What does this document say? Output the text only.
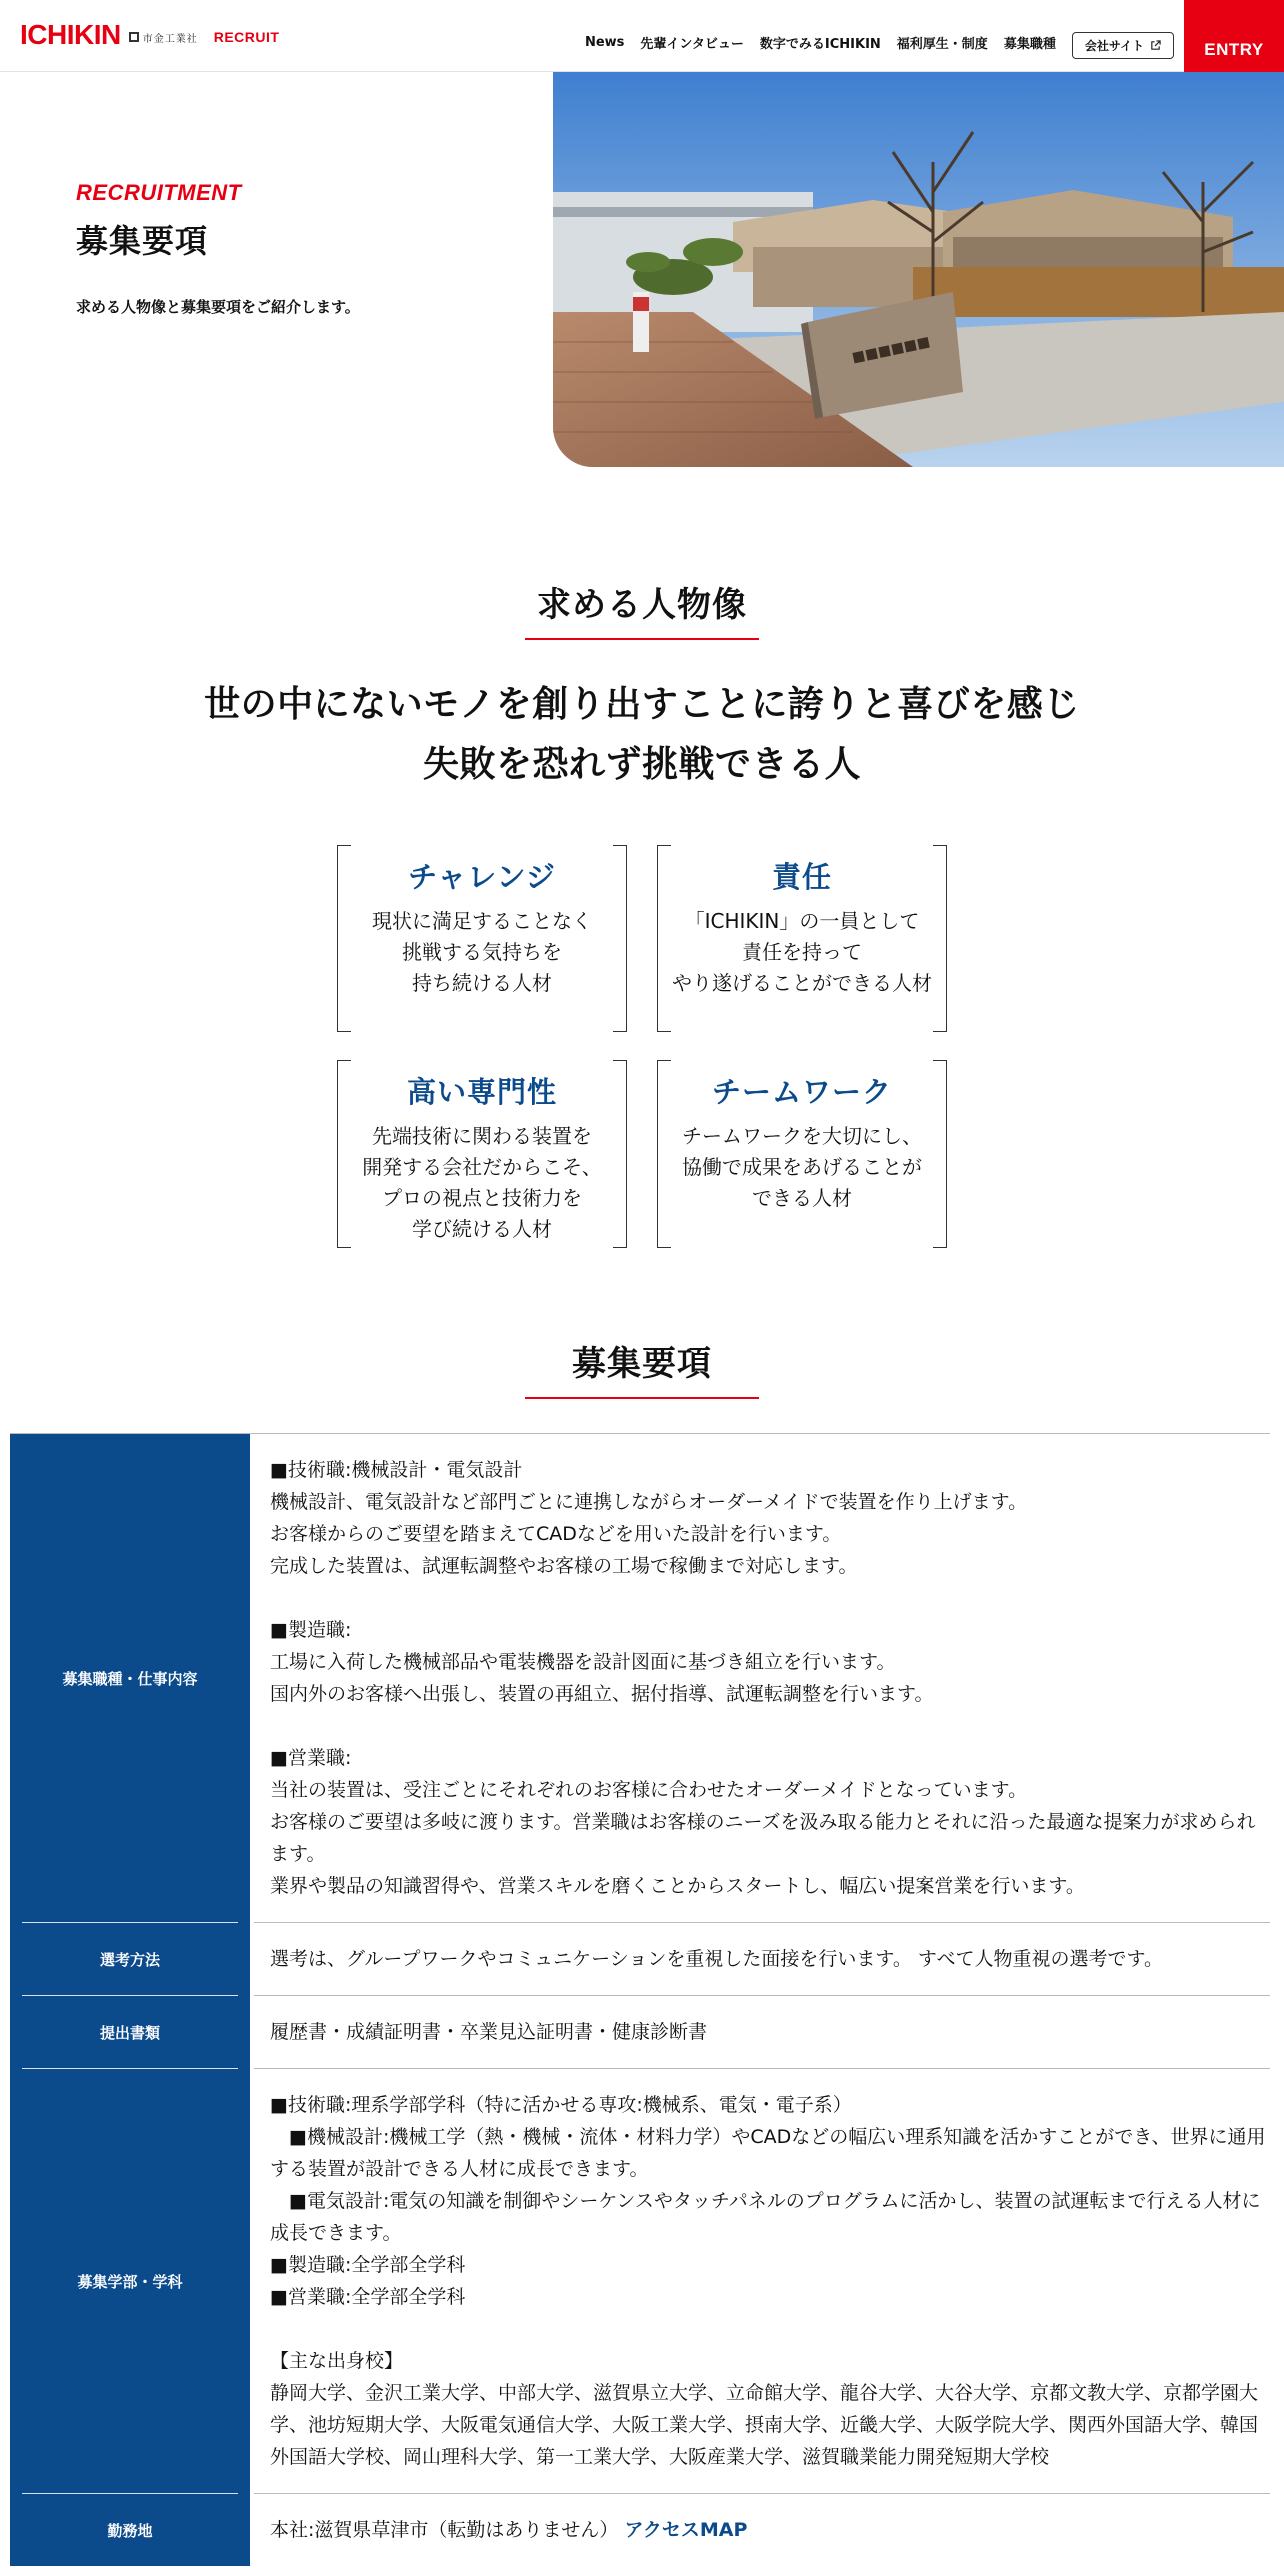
ICHIKIN 市金工業社 RECRUIT	News 先輩インタビュー 数字でみるICHIKIN 福利厚生・制度 募集職種 会社サイト	ENTRY
RECRUITMENT
募集要項
求める人物像と募集要項をご紹介します。
■■■■■■
求める人物像
世の中にないモノを創り出すことに誇りと喜びを感じ
失敗を恐れず挑戦できる人
チャレンジ
現状に満足することなく
挑戦する気持ちを
持ち続ける人材
責任
「ICHIKIN」の一員として
責任を持って
やり遂げることができる人材
高い専門性
先端技術に関わる装置を
開発する会社だからこそ、
プロの視点と技術力を
学び続ける人材
チームワーク
チームワークを大切にし、
協働で成果をあげることが
できる人材
募集要項
募集職種・仕事内容
■技術職:機械設計・電気設計
機械設計、電気設計など部門ごとに連携しながらオーダーメイドで装置を作り上げます。
お客様からのご要望を踏まえてCADなどを用いた設計を行います。
完成した装置は、試運転調整やお客様の工場で稼働まで対応します。

■製造職:
工場に入荷した機械部品や電装機器を設計図面に基づき組立を行います。
国内外のお客様へ出張し、装置の再組立、据付指導、試運転調整を行います。

■営業職:
当社の装置は、受注ごとにそれぞれのお客様に合わせたオーダーメイドとなっています。
お客様のご要望は多岐に渡ります。営業職はお客様のニーズを汲み取る能力とそれに沿った最適な提案力が求められます。
業界や製品の知識習得や、営業スキルを磨くことからスタートし、幅広い提案営業を行います。
選考方法	選考は、グループワークやコミュニケーションを重視した面接を行います。 すべて人物重視の選考です。
提出書類	履歴書・成績証明書・卒業見込証明書・健康診断書
募集学部・学科
■技術職:理系学部学科（特に活かせる専攻:機械系、電気・電子系）
　■機械設計:機械工学（熱・機械・流体・材料力学）やCADなどの幅広い理系知識を活かすことができ、世界に通用する装置が設計できる人材に成長できます。
　■電気設計:電気の知識を制御やシーケンスやタッチパネルのプログラムに活かし、装置の試運転まで行える人材に成長できます。
■製造職:全学部全学科
■営業職:全学部全学科

【主な出身校】
静岡大学、金沢工業大学、中部大学、滋賀県立大学、立命館大学、龍谷大学、大谷大学、京都文教大学、京都学園大学、池坊短期大学、大阪電気通信大学、大阪工業大学、摂南大学、近畿大学、大阪学院大学、関西外国語大学、韓国外国語大学校、岡山理科大学、第一工業大学、大阪産業大学、滋賀職業能力開発短期大学校
勤務地	本社:滋賀県草津市（転勤はありません） アクセスMAP
